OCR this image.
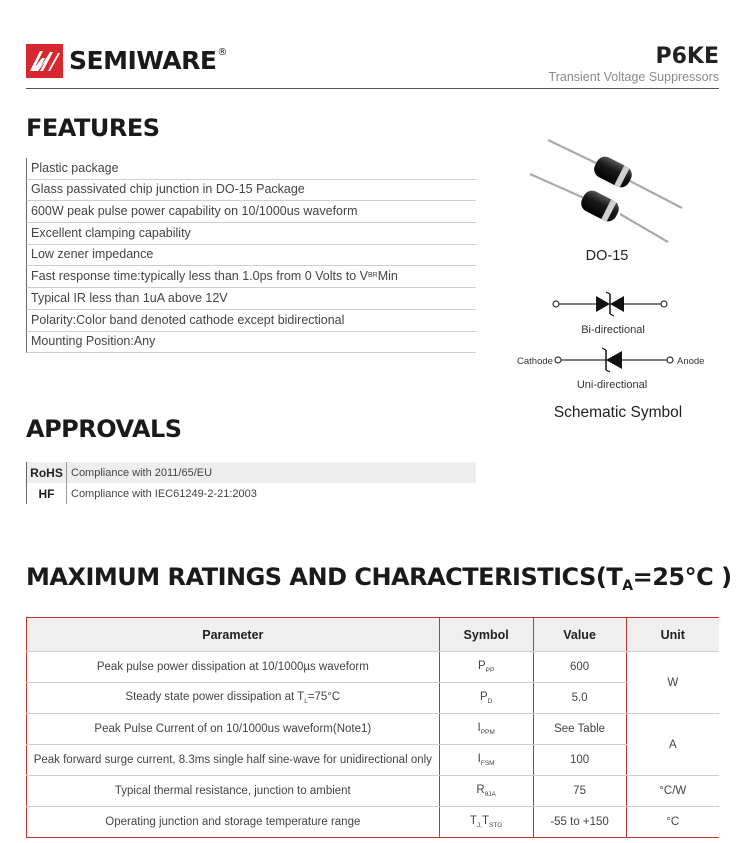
SEMIWARE®	P6KE
Transient Voltage Suppressors
FEATURES
Plastic package
Glass passivated chip junction in DO-15 Package
600W peak pulse power capability on 10/1000us waveform
Excellent clamping capability
Low zener impedance
Fast response time:typically less than 1.0ps from 0 Volts to V BR Min
Typical IR less than 1uA above 12V
Polarity:Color band denoted cathode except bidirectional
Mounting Position:Any
DO-15
Bi-directional
Cathode	Anode
Uni-directional
Schematic Symbol
APPROVALS
RoHS	Compliance with 2011/65/EU
HF	Compliance with IEC61249-2-21:2003
MAXIMUM RATINGS AND $CHARACTERISTICS(T_A=25^\circ C$ )
Parameter	Symbol	Value	Unit
Peak pulse power dissipation at 10/1000µs waveform	$P_{PP}$	600	W
Steady state power dissipation at $T_L=75^\circ C$	$P_D$	5.0	
Peak Pulse Current of on 10/1000us waveform(Note1)	$I_{PPM}$	See Table	A
Peak forward surge current, 8.3ms single half sine-wave for unidirectional only	$I_{FSM}$	100	
Typical thermal resistance, junction to ambient	$R_{\theta JA}$	75	°C/W
Operating junction and storage temperature range	$T_{J,}T_{STG}$	-55 to +150	°C
